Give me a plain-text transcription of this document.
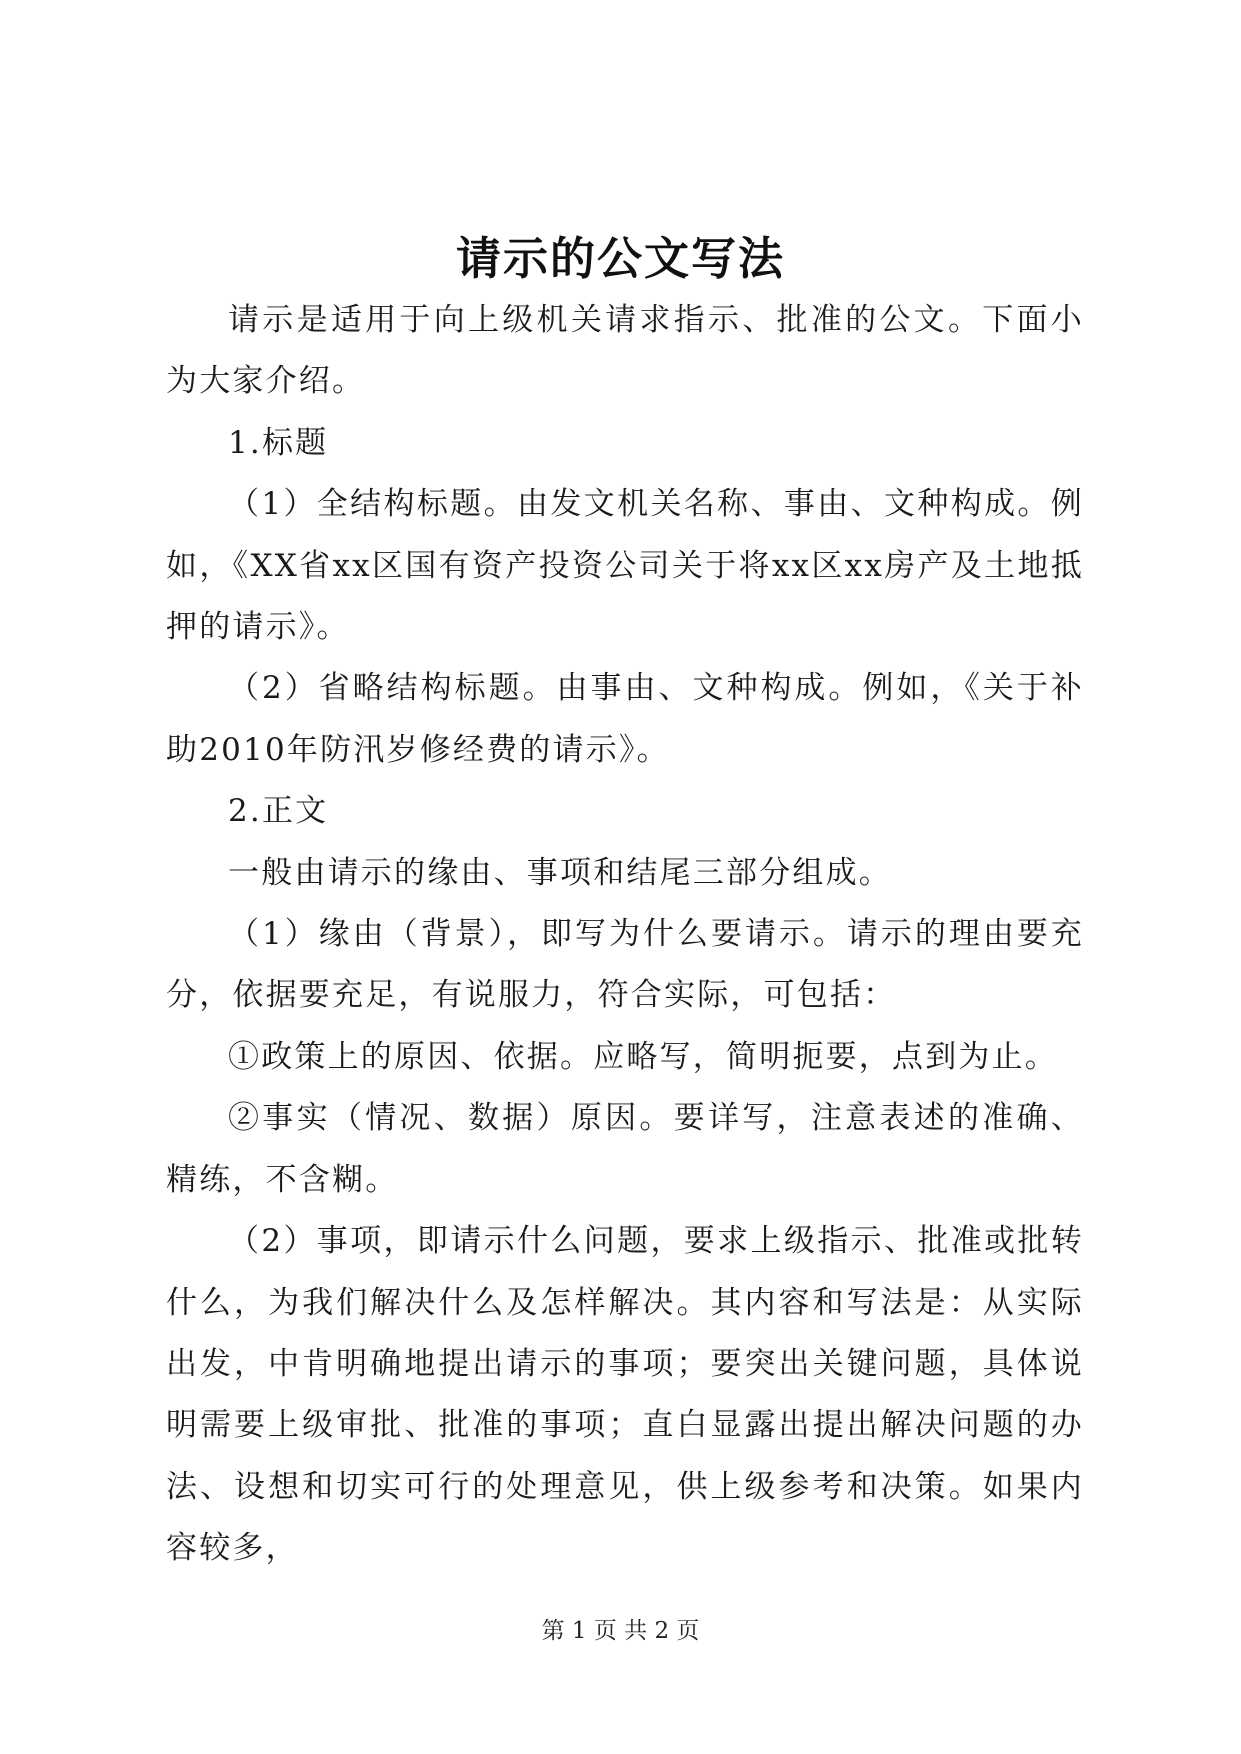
请示的公文写法

请示是适用于向上级机关请求指示、批准的公文。下面小为大家介绍。

1.标题

（1）全结构标题。由发文机关名称、事由、文种构成。例如，《XX省xx区国有资产投资公司关于将xx区xx房产及土地抵押的请示》。

（2）省略结构标题。由事由、文种构成。例如，《关于补助2010年防汛岁修经费的请示》。

2.正文

一般由请示的缘由、事项和结尾三部分组成。

（1）缘由（背景），即写为什么要请示。请示的理由要充分，依据要充足，有说服力，符合实际，可包括：

①政策上的原因、依据。应略写，简明扼要，点到为止。

②事实（情况、数据）原因。要详写，注意表述的准确、精练，不含糊。

（2）事项，即请示什么问题，要求上级指示、批准或批转什么，为我们解决什么及怎样解决。其内容和写法是：从实际出发，中肯明确地提出请示的事项；要突出关键问题，具体说明需要上级审批、批准的事项；直白显露出提出解决问题的办法、设想和切实可行的处理意见，供上级参考和决策。如果内容较多，

第 1 页 共 2 页
